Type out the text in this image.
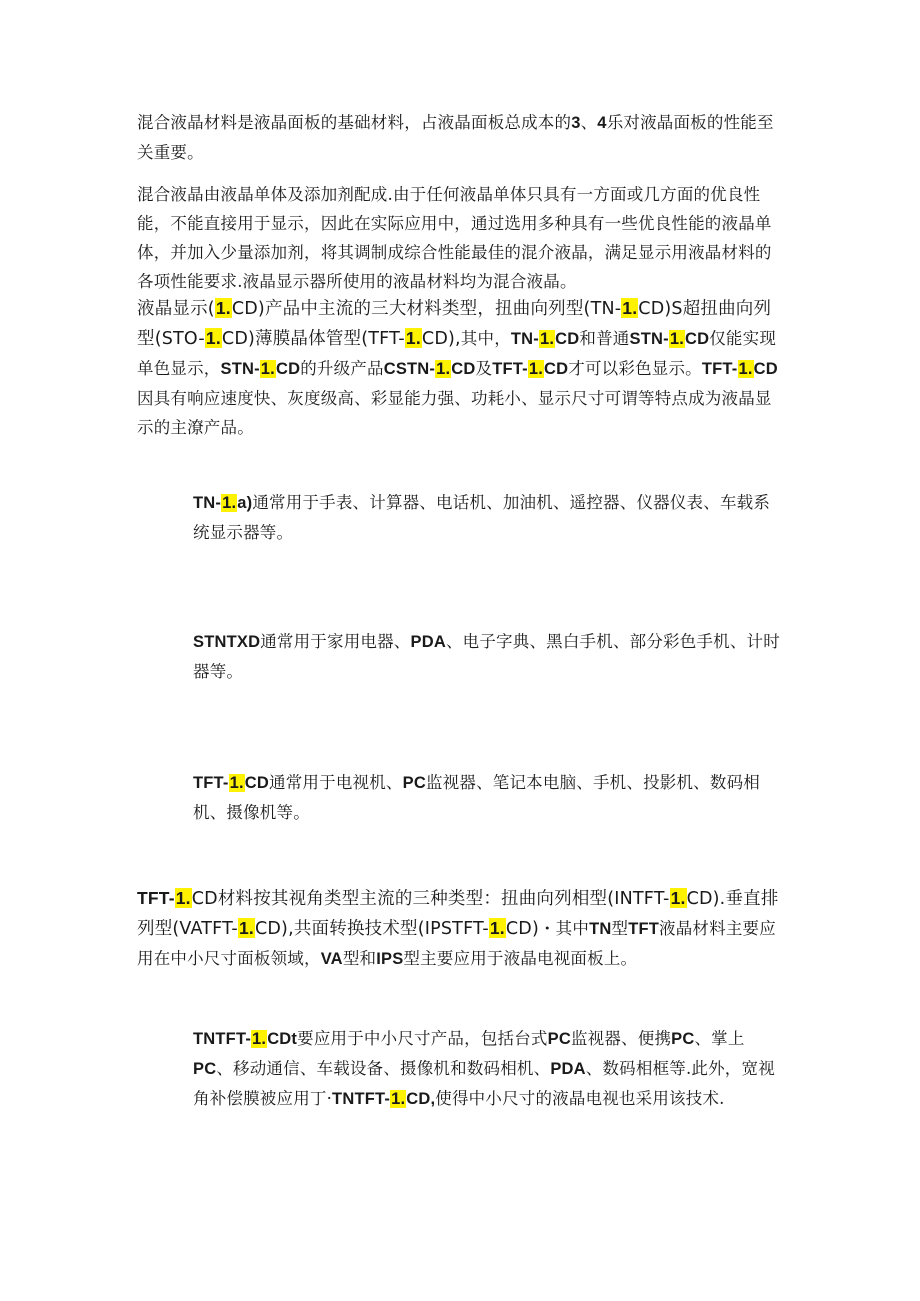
混合液晶材料是液晶面板的基础材料，占液晶面板总成本的3、4乐对液晶面板的性能至关重要。

混合液晶由液晶单体及添加剂配成.由于任何液晶单体只具有一方面或几方面的优良性能，不能直接用于显示，因此在实际应用中，通过选用多种具有一些优良性能的液晶单体，并加入少量添加剂，将其调制成综合性能最佳的混介液晶，满足显示用液晶材料的各项性能要求.液晶显示器所使用的液晶材料均为混合液晶。

液晶显示(1.CD)产品中主流的三大材料类型，扭曲向列型(TN-1.CD)S超扭曲向列型(STO-1.CD)薄膜晶体管型(TFT-1.CD),其中，TN-1.CD和普通STN-1.CD仅能实现单色显示，STN-1.CD的升级产品CSTN-1.CD及TFT-1.CD才可以彩色显示。TFT-1.CD因具有响应速度快、灰度级高、彩显能力强、功耗小、显示尺寸可谓等特点成为液晶显示的主潦产品。

TN-1.a)通常用于手表、计算器、电话机、加油机、遥控器、仪器仪表、车载系统显示器等。

STNTXD通常用于家用电器、PDA、电子字典、黑白手机、部分彩色手机、计时器等。

TFT-1.CD通常用于电视机、PC监视器、笔记本电脑、手机、投影机、数码相机、摄像机等。

TFT-1.CD材料按其视角类型主流的三种类型：扭曲向列相型(INTFT-1.CD).垂直排列型(VATFT-1.CD),共面转换技术型(IPSTFT-1.CD)・其中TN型TFT液晶材料主要应用在中小尺寸面板领域，VA型和IPS型主要应用于液晶电视面板上。

TNTFT-1.CDt要应用于中小尺寸产品，包括台式PC监视器、便携PC、掌上PC、移动通信、车载设备、摄像机和数码相机、PDA、数码相框等.此外，宽视角补偿膜被应用丁·TNTFT-1.CD,使得中小尺寸的液晶电视也采用该技术.
